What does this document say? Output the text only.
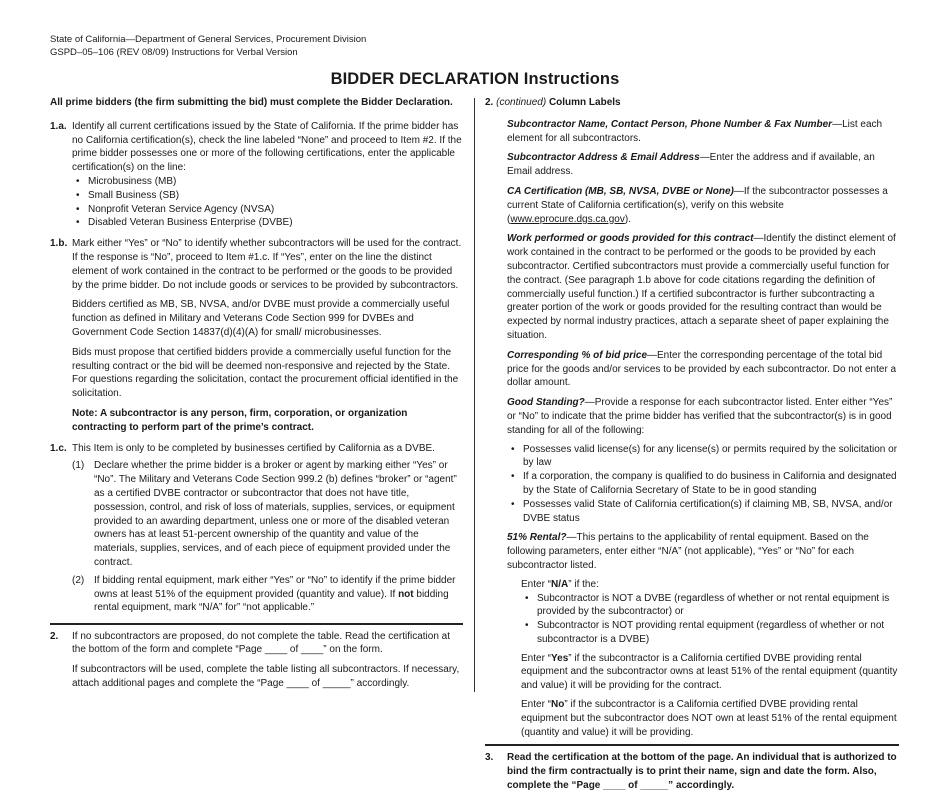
State of California—Department of General Services, Procurement Division
GSPD–05–106 (REV 08/09) Instructions for Verbal Version
BIDDER DECLARATION Instructions

All prime bidders (the firm submitting the bid) must complete the Bidder Declaration.

1.a. Identify all current certifications issued by the State of California. If the prime bidder has no California certification(s), check the line labeled “None” and proceed to Item #2. If the prime bidder possesses one or more of the following certifications, enter the applicable certification(s) on the line:

• Microbusiness (MB)
• Small Business (SB)
• Nonprofit Veteran Service Agency (NVSA)
• Disabled Veteran Business Enterprise (DVBE)
1.b. Mark either “Yes” or “No” to identify whether subcontractors will be used for the contract. If the response is “No”, proceed to Item #1.c. If “Yes”, enter on the line the distinct element of work contained in the contract to be performed or the goods to be provided by the prime bidder. Do not include goods or services to be provided by subcontractors.

Bidders certified as MB, SB, NVSA, and/or DVBE must provide a commercially useful function as defined in Military and Veterans Code Section 999 for DVBEs and Government Code Section 14837(d)(4)(A) for small/ microbusinesses.

Bids must propose that certified bidders provide a commercially useful function for the resulting contract or the bid will be deemed non-responsive and rejected by the State. For questions regarding the solicitation, contact the procurement official identified in the solicitation.

Note: A subcontractor is any person, firm, corporation, or organization contracting to perform part of the prime’s contract.

1.c. This Item is only to be completed by businesses certified by California as a DVBE.

(1) Declare whether the prime bidder is a broker or agent by marking either “Yes” or “No”. The Military and Veterans Code Section 999.2 (b) defines “broker” or “agent” as a certified DVBE contractor or subcontractor that does not have title, possession, control, and risk of loss of materials, supplies, services, or equipment provided to an awarding department, unless one or more of the disabled veteran owners has at least 51-percent ownership of the quantity and value of the materials, supplies, services, and of each piece of equipment provided under the contract.

(2) If bidding rental equipment, mark either “Yes” or “No” to identify if the prime bidder owns at least 51% of the equipment provided (quantity and value). If not bidding rental equipment, mark “N/A” for” “not applicable.”

2.	If no subcontractors are proposed, do not complete the table. Read the certification at the bottom of the form and complete “Page ____ of ____” on the form.

If subcontractors will be used, complete the table listing all subcontractors. If necessary, attach additional pages and complete the “Page ____ of _____” accordingly.

2. (continued) Column Labels

Subcontractor Name, Contact Person, Phone Number & Fax Number—List each element for all subcontractors.

Subcontractor Address & Email Address—Enter the address and if available, an Email address.

CA Certification (MB, SB, NVSA, DVBE or None)—If the subcontractor possesses a current State of California certification(s), verify on this website (www.eprocure.dgs.ca.gov).

Work performed or goods provided for this contract—Identify the distinct element of work contained in the contract to be performed or the goods to be provided by each subcontractor. Certified subcontractors must provide a commercially useful function for the contract. (See paragraph 1.b above for code citations regarding the definition of commercially useful function.) If a certified subcontractor is further subcontracting a greater portion of the work or goods provided for the resulting contract than would be expected by normal industry practices, attach a separate sheet of paper explaining the situation.

Corresponding % of bid price—Enter the corresponding percentage of the total bid price for the goods and/or services to be provided by each subcontractor. Do not enter a dollar amount.

Good Standing?—Provide a response for each subcontractor listed. Enter either “Yes” or “No” to indicate that the prime bidder has verified that the subcontractor(s) is in good standing for all of the following:

• Possesses valid license(s) for any license(s) or permits required by the solicitation or by law
• If a corporation, the company is qualified to do business in California and designated by the State of California Secretary of State to be in good standing
• Possesses valid State of California certification(s) if claiming MB, SB, NVSA, and/or DVBE status

51% Rental?—This pertains to the applicability of rental equipment. Based on the following parameters, enter either “N/A” (not applicable), “Yes” or “No” for each subcontractor listed.

Enter “N/A” if the:

• Subcontractor is NOT a DVBE (regardless of whether or not rental equipment is provided by the subcontractor) or
• Subcontractor is NOT providing rental equipment (regardless of whether or not subcontractor is a DVBE)

Enter “Yes” if the subcontractor is a California certified DVBE providing rental equipment and the subcontractor owns at least 51% of the rental equipment (quantity and value) it will be providing for the contract.

Enter “No” if the subcontractor is a California certified DVBE providing rental equipment but the subcontractor does NOT own at least 51% of the rental equipment (quantity and value) it will be providing.

3.	Read the certification at the bottom of the page. An individual that is authorized to bind the firm contractually is to print their name, sign and date the form. Also, complete the “Page ____ of _____” accordingly.
